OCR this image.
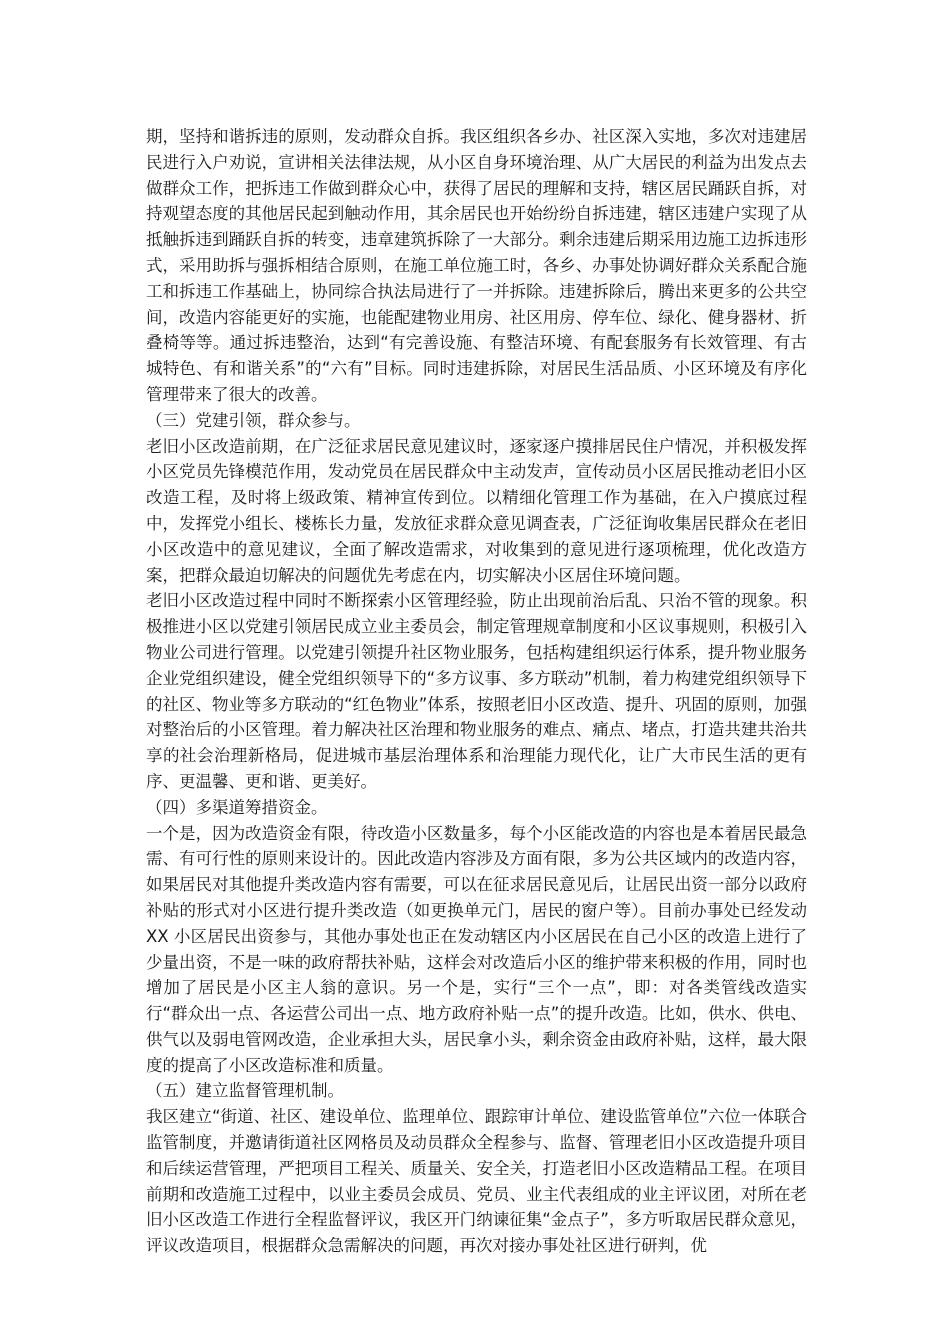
期，坚持和谐拆违的原则，发动群众自拆。我区组织各乡办、社区深入实地，多次对违建居民进行入户劝说，宣讲相关法律法规，从小区自身环境治理、从广大居民的利益为出发点去做群众工作，把拆违工作做到群众心中，获得了居民的理解和支持，辖区居民踊跃自拆，对持观望态度的其他居民起到触动作用，其余居民也开始纷纷自拆违建，辖区违建户实现了从抵触拆违到踊跃自拆的转变，违章建筑拆除了一大部分。剩余违建后期采用边施工边拆违形式，采用助拆与强拆相结合原则，在施工单位施工时，各乡、办事处协调好群众关系配合施工和拆违工作基础上，协同综合执法局进行了一并拆除。违建拆除后，腾出来更多的公共空间，改造内容能更好的实施，也能配建物业用房、社区用房、停车位、绿化、健身器材、折叠椅等等。通过拆违整治，达到“有完善设施、有整洁环境、有配套服务有长效管理、有古城特色、有和谐关系”的“六有”目标。同时违建拆除，对居民生活品质、小区环境及有序化管理带来了很大的改善。

（三）党建引领，群众参与。

老旧小区改造前期，在广泛征求居民意见建议时，逐家逐户摸排居民住户情况，并积极发挥小区党员先锋模范作用，发动党员在居民群众中主动发声，宣传动员小区居民推动老旧小区改造工程，及时将上级政策、精神宣传到位。以精细化管理工作为基础，在入户摸底过程中，发挥党小组长、楼栋长力量，发放征求群众意见调查表，广泛征询收集居民群众在老旧小区改造中的意见建议，全面了解改造需求，对收集到的意见进行逐项梳理，优化改造方案，把群众最迫切解决的问题优先考虑在内，切实解决小区居住环境问题。

老旧小区改造过程中同时不断探索小区管理经验，防止出现前治后乱、只治不管的现象。积极推进小区以党建引领居民成立业主委员会，制定管理规章制度和小区议事规则，积极引入物业公司进行管理。以党建引领提升社区物业服务，包括构建组织运行体系，提升物业服务企业党组织建设，健全党组织领导下的“多方议事、多方联动”机制，着力构建党组织领导下的社区、物业等多方联动的“红色物业”体系，按照老旧小区改造、提升、巩固的原则，加强对整治后的小区管理。着力解决社区治理和物业服务的难点、痛点、堵点，打造共建共治共享的社会治理新格局，促进城市基层治理体系和治理能力现代化，让广大市民生活的更有序、更温馨、更和谐、更美好。

（四）多渠道筹措资金。

一个是，因为改造资金有限，待改造小区数量多，每个小区能改造的内容也是本着居民最急需、有可行性的原则来设计的。因此改造内容涉及方面有限，多为公共区域内的改造内容，如果居民对其他提升类改造内容有需要，可以在征求居民意见后，让居民出资一部分以政府补贴的形式对小区进行提升类改造（如更换单元门，居民的窗户等）。目前办事处已经发动 XX 小区居民出资参与，其他办事处也正在发动辖区内小区居民在自己小区的改造上进行了少量出资，不是一味的政府帮扶补贴，这样会对改造后小区的维护带来积极的作用，同时也增加了居民是小区主人翁的意识。另一个是，实行“三个一点”，即：对各类管线改造实行“群众出一点、各运营公司出一点、地方政府补贴一点”的提升改造。比如，供水、供电、供气以及弱电管网改造，企业承担大头，居民拿小头，剩余资金由政府补贴，这样，最大限度的提高了小区改造标准和质量。

（五）建立监督管理机制。

我区建立“街道、社区、建设单位、监理单位、跟踪审计单位、建设监管单位”六位一体联合监管制度，并邀请街道社区网格员及动员群众全程参与、监督、管理老旧小区改造提升项目和后续运营管理，严把项目工程关、质量关、安全关，打造老旧小区改造精品工程。在项目前期和改造施工过程中，以业主委员会成员、党员、业主代表组成的业主评议团，对所在老旧小区改造工作进行全程监督评议，我区开门纳谏征集“金点子”，多方听取居民群众意见，评议改造项目，根据群众急需解决的问题，再次对接办事处社区进行研判，优
